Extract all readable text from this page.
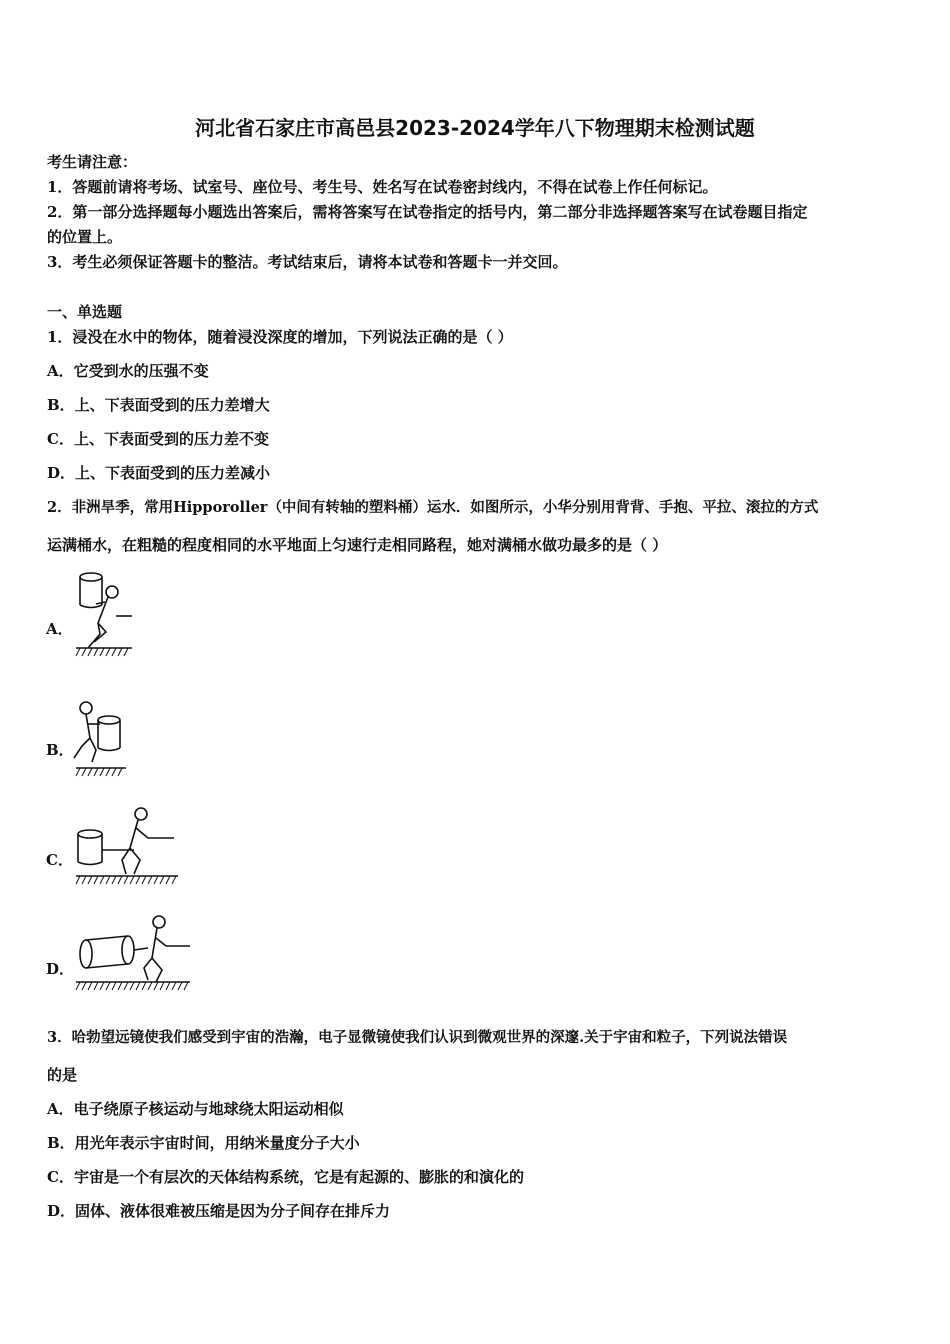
河北省石家庄市高邑县2023-2024学年八下物理期末检测试题
考生请注意：
1．答题前请将考场、试室号、座位号、考生号、姓名写在试卷密封线内，不得在试卷上作任何标记。
2．第一部分选择题每小题选出答案后，需将答案写在试卷指定的括号内，第二部分非选择题答案写在试卷题目指定
的位置上。
3．考生必须保证答题卡的整洁。考试结束后，请将本试卷和答题卡一并交回。
一、单选题
1．浸没在水中的物体，随着浸没深度的增加，下列说法正确的是（ ）
A．它受到水的压强不变
B．上、下表面受到的压力差增大
C．上、下表面受到的压力差不变
D．上、下表面受到的压力差减小
2．非洲旱季，常用Hipporoller（中间有转轴的塑料桶）运水．如图所示，小华分别用背背、手抱、平拉、滚拉的方式
运满桶水，在粗糙的程度相同的水平地面上匀速行走相同路程，她对满桶水做功最多的是（ ）
A．
B．
C．
D．
3．哈勃望远镜使我们感受到宇宙的浩瀚，电子显微镜使我们认识到微观世界的深邃.关于宇宙和粒子，下列说法错误
的是
A．电子绕原子核运动与地球绕太阳运动相似
B．用光年表示宇宙时间，用纳米量度分子大小
C．宇宙是一个有层次的天体结构系统，它是有起源的、膨胀的和演化的
D．固体、液体很难被压缩是因为分子间存在排斥力
